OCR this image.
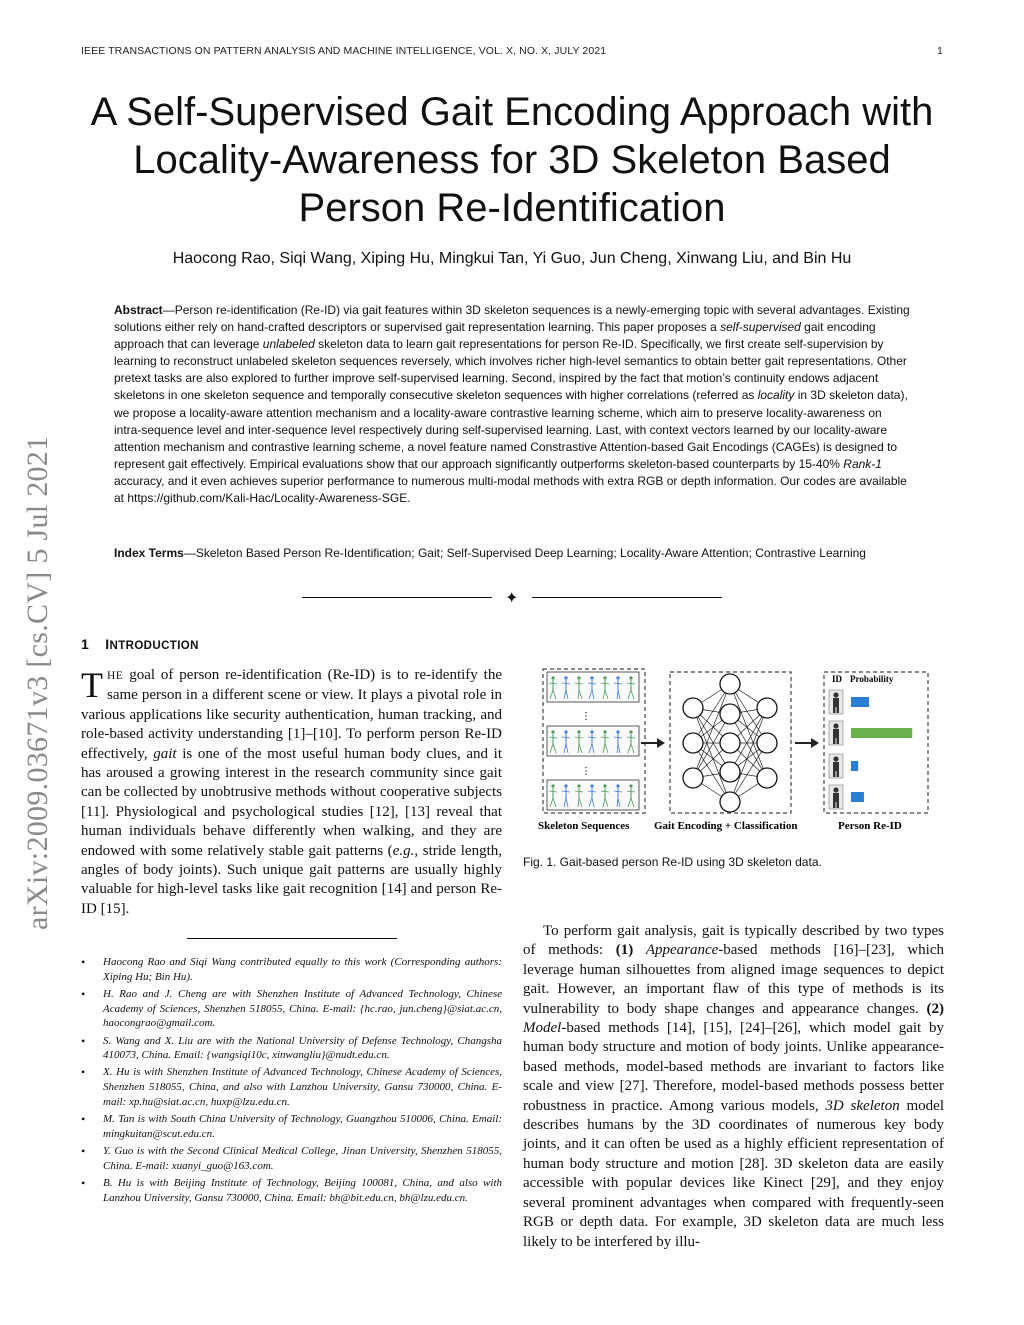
IEEE TRANSACTIONS ON PATTERN ANALYSIS AND MACHINE INTELLIGENCE, VOL. X, NO. X, JULY 2021	1
arXiv:2009.03671v3 [cs.CV] 5 Jul 2021
A Self-Supervised Gait Encoding Approach with
Locality-Awareness for 3D Skeleton Based
Person Re-Identification
Haocong Rao, Siqi Wang, Xiping Hu, Mingkui Tan, Yi Guo, Jun Cheng, Xinwang Liu, and Bin Hu
Abstract—Person re-identification (Re-ID) via gait features within 3D skeleton sequences is a newly-emerging topic with several advantages. Existing solutions either rely on hand-crafted descriptors or supervised gait representation learning. This paper proposes a self-supervised gait encoding approach that can leverage unlabeled skeleton data to learn gait representations for person Re-ID. Specifically, we first create self-supervision by learning to reconstruct unlabeled skeleton sequences reversely, which involves richer high-level semantics to obtain better gait representations. Other pretext tasks are also explored to further improve self-supervised learning. Second, inspired by the fact that motion’s continuity endows adjacent skeletons in one skeleton sequence and temporally consecutive skeleton sequences with higher correlations (referred as locality in 3D skeleton data), we propose a locality-aware attention mechanism and a locality-aware contrastive learning scheme, which aim to preserve locality-awareness on intra-sequence level and inter-sequence level respectively during self-supervised learning. Last, with context vectors learned by our locality-aware attention mechanism and contrastive learning scheme, a novel feature named Constrastive Attention-based Gait Encodings (CAGEs) is designed to represent gait effectively. Empirical evaluations show that our approach significantly outperforms skeleton-based counterparts by 15-40% Rank-1 accuracy, and it even achieves superior performance to numerous multi-modal methods with extra RGB or depth information. Our codes are available at https://github.com/Kali-Hac/Locality-Awareness-SGE.
Index Terms—Skeleton Based Person Re-Identification; Gait; Self-Supervised Deep Learning; Locality-Aware Attention; Contrastive Learning
✦
1 INTRODUCTION
THE goal of person re-identification (Re-ID) is to re-identify the same person in a different scene or view. It plays a pivotal role in various applications like security authentication, human tracking, and role-based activity understanding [1]–[10]. To perform person Re-ID effectively, gait is one of the most useful human body clues, and it has aroused a growing interest in the research community since gait can be collected by unobtrusive methods without cooperative subjects [11]. Physiological and psychological studies [12], [13] reveal that human individuals behave differently when walking, and they are endowed with some relatively stable gait patterns (e.g., stride length, angles of body joints). Such unique gait patterns are usually highly valuable for high-level tasks like gait recognition [14] and person Re-ID [15].
• Haocong Rao and Siqi Wang contributed equally to this work (Corresponding authors: Xiping Hu; Bin Hu).
• H. Rao and J. Cheng are with Shenzhen Institute of Advanced Technology, Chinese Academy of Sciences, Shenzhen 518055, China. E-mail: {hc.rao, jun.cheng}@siat.ac.cn, haocongrao@gmail.com.
• S. Wang and X. Liu are with the National University of Defense Technology, Changsha 410073, China. Email: {wangsiqi10c, xinwangliu}@nudt.edu.cn.
• X. Hu is with Shenzhen Institute of Advanced Technology, Chinese Academy of Sciences, Shenzhen 518055, China, and also with Lanzhou University, Gansu 730000, China. E-mail: xp.hu@siat.ac.cn, huxp@lzu.edu.cn.
• M. Tan is with South China University of Technology, Guangzhou 510006, China. Email: mingkuitan@scut.edu.cn.
• Y. Guo is with the Second Clinical Medical College, Jinan University, Shenzhen 518055, China. E-mail: xuanyi_guo@163.com.
• B. Hu is with Beijing Institute of Technology, Beijing 100081, China, and also with Lanzhou University, Gansu 730000, China. Email: bh@bit.edu.cn, bh@lzu.edu.cn.
⋮
⋮
ID Probability
Skeleton Sequences Gait Encoding + Classification	Person Re-ID
Fig. 1. Gait-based person Re-ID using 3D skeleton data.

To perform gait analysis, gait is typically described by two types of methods: (1) Appearance-based methods [16]–[23], which leverage human silhouettes from aligned image sequences to depict gait. However, an important flaw of this type of methods is its vulnerability to body shape changes and appearance changes. (2) Model-based methods [14], [15], [24]–[26], which model gait by human body structure and motion of body joints. Unlike appearance-based methods, model-based methods are invariant to factors like scale and view [27]. Therefore, model-based methods possess better robustness in practice. Among various models, 3D skeleton model describes humans by the 3D coordinates of numerous key body joints, and it can often be used as a highly efficient representation of human body structure and motion [28]. 3D skeleton data are easily accessible with popular devices like Kinect [29], and they enjoy several prominent advantages when compared with frequently-seen RGB or depth data. For example, 3D skeleton data are much less likely to be interfered by illu-
